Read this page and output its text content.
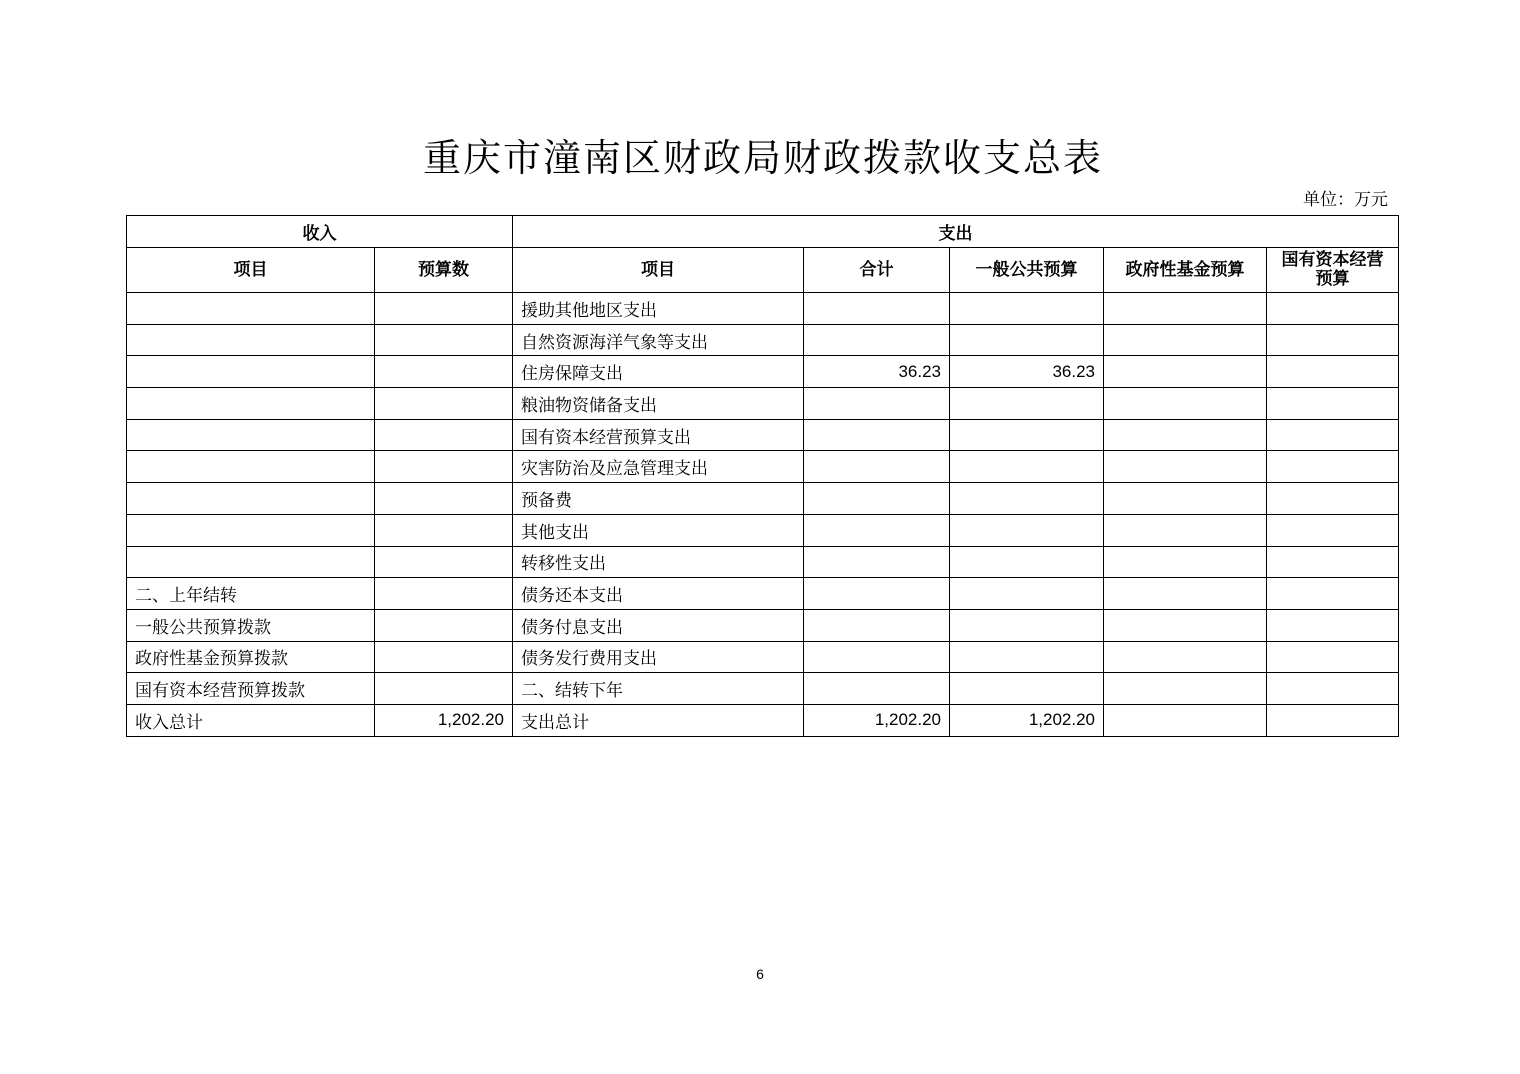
重庆市潼南区财政局财政拨款收支总表
单位：万元
收入		支出				
项目	预算数	项目	合计	一般公共预算	政府性基金预算	国有资本经营预算
		援助其他地区支出				
		自然资源海洋气象等支出				
		住房保障支出	36.23	36.23		
		粮油物资储备支出				
		国有资本经营预算支出				
		灾害防治及应急管理支出				
		预备费				
		其他支出				
		转移性支出				
二、上年结转		债务还本支出				
一般公共预算拨款		债务付息支出				
政府性基金预算拨款		债务发行费用支出				
国有资本经营预算拨款		二、结转下年				
收入总计	1,202.20	支出总计	1,202.20	1,202.20		
6
